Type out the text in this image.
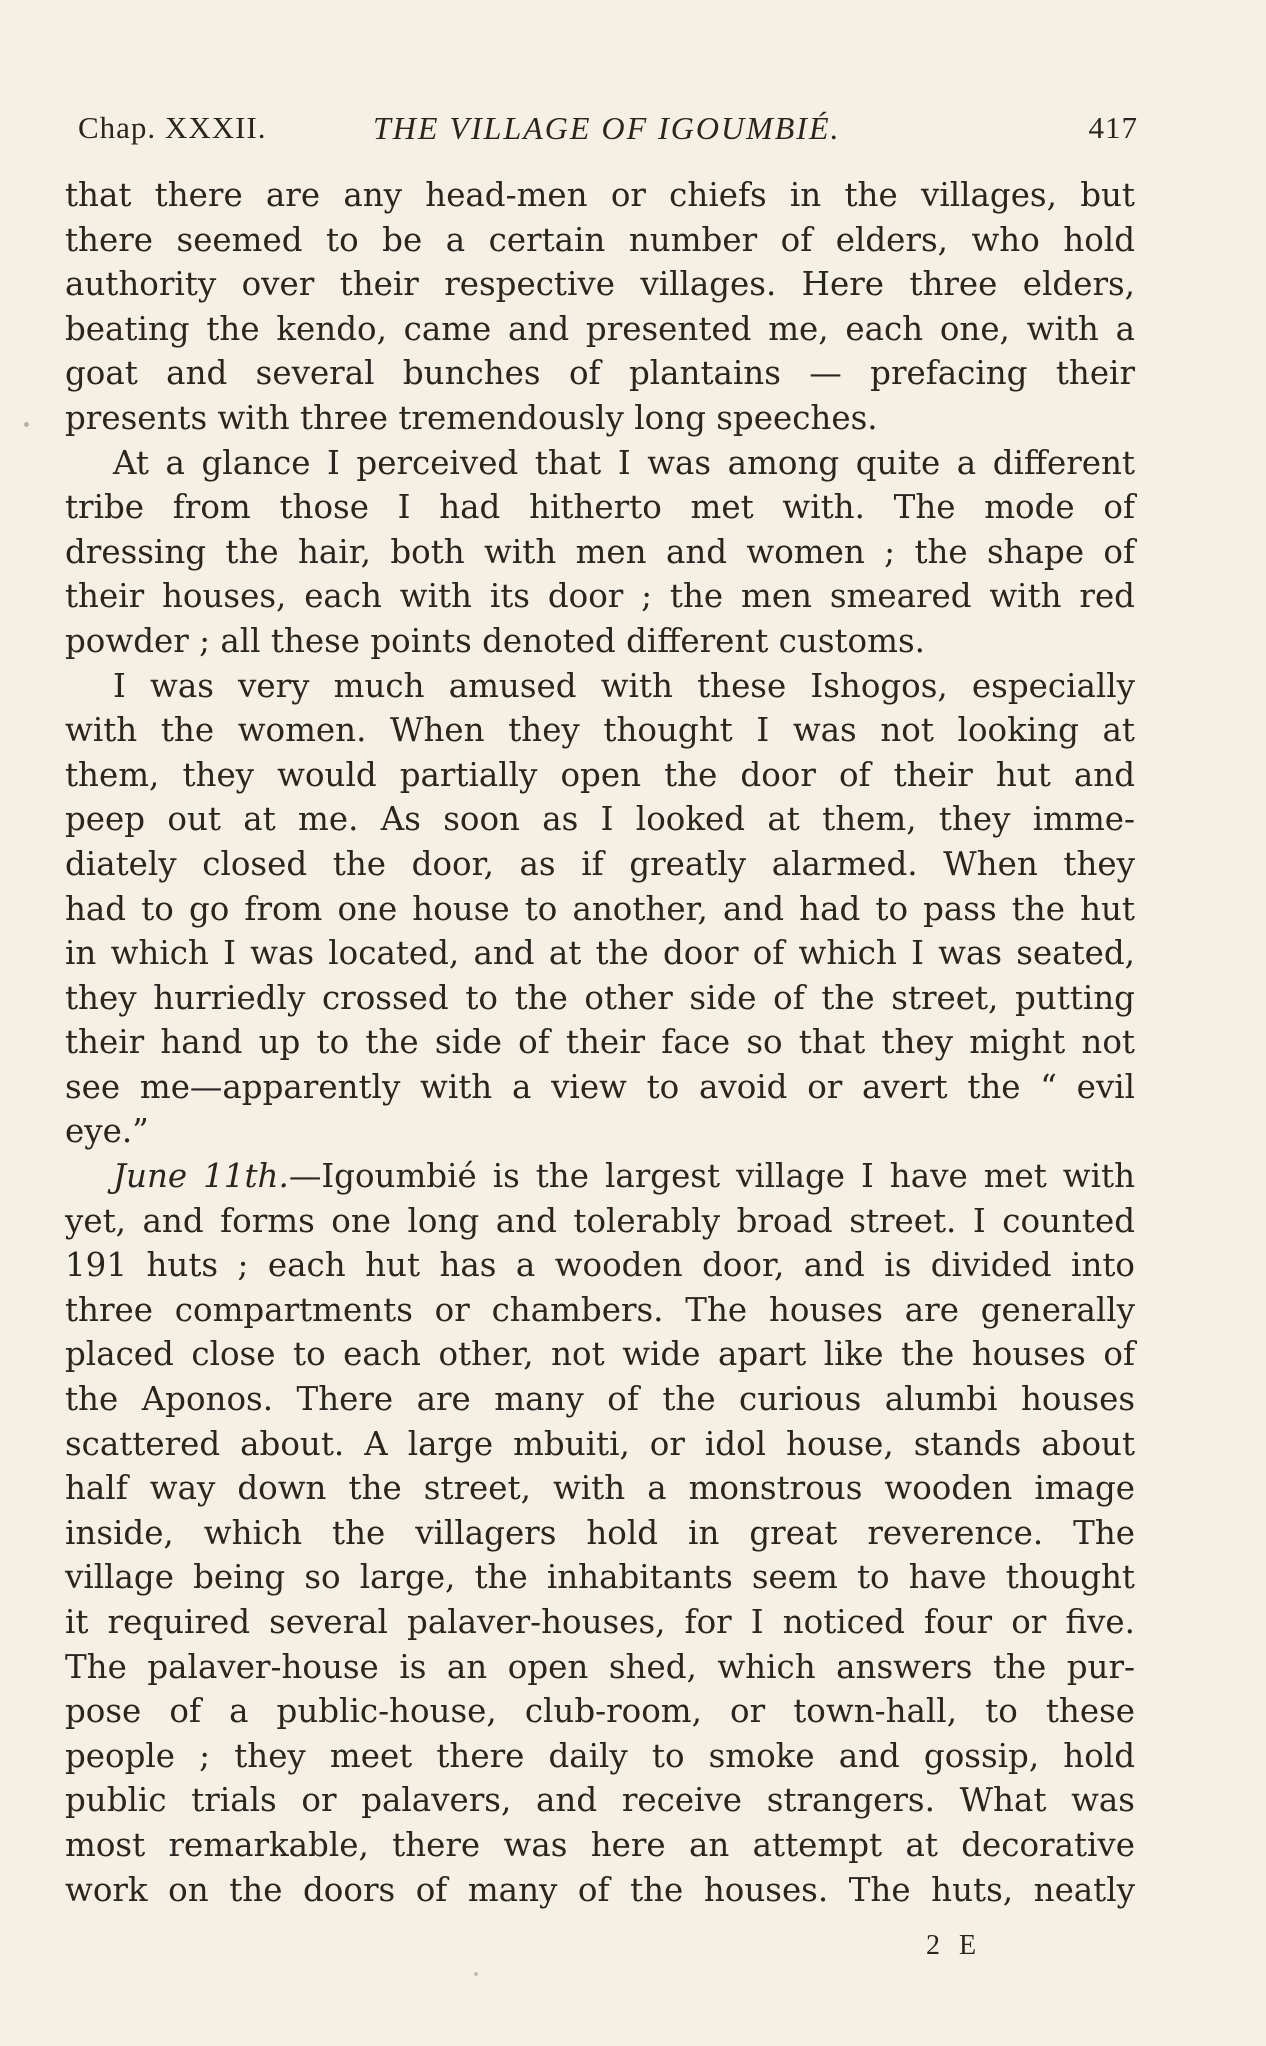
Chap. XXXII.	THE VILLAGE OF IGOUMBIÉ.	417
that there are any head-men or chiefs in the villages, but
there seemed to be a certain number of elders, who hold
authority over their respective villages. Here three elders,
beating the kendo, came and presented me, each one, with a
goat and several bunches of plantains — prefacing their
presents with three tremendously long speeches.
At a glance I perceived that I was among quite a different
tribe from those I had hitherto met with. The mode of
dressing the hair, both with men and women ; the shape of
their houses, each with its door ; the men smeared with red
powder ; all these points denoted different customs.
I was very much amused with these Ishogos, especially
with the women. When they thought I was not looking at
them, they would partially open the door of their hut and
peep out at me. As soon as I looked at them, they imme-
diately closed the door, as if greatly alarmed. When they
had to go from one house to another, and had to pass the hut
in which I was located, and at the door of which I was seated,
they hurriedly crossed to the other side of the street, putting
their hand up to the side of their face so that they might not
see me—apparently with a view to avoid or avert the “ evil
eye.”
June 11th.—Igoumbié is the largest village I have met with
yet, and forms one long and tolerably broad street. I counted
191 huts ; each hut has a wooden door, and is divided into
three compartments or chambers. The houses are generally
placed close to each other, not wide apart like the houses of
the Aponos. There are many of the curious alumbi houses
scattered about. A large mbuiti, or idol house, stands about
half way down the street, with a monstrous wooden image
inside, which the villagers hold in great reverence. The
village being so large, the inhabitants seem to have thought
it required several palaver-houses, for I noticed four or five.
The palaver-house is an open shed, which answers the pur-
pose of a public-house, club-room, or town-hall, to these
people ; they meet there daily to smoke and gossip, hold
public trials or palavers, and receive strangers. What was
most remarkable, there was here an attempt at decorative
work on the doors of many of the houses. The huts, neatly
2 E
